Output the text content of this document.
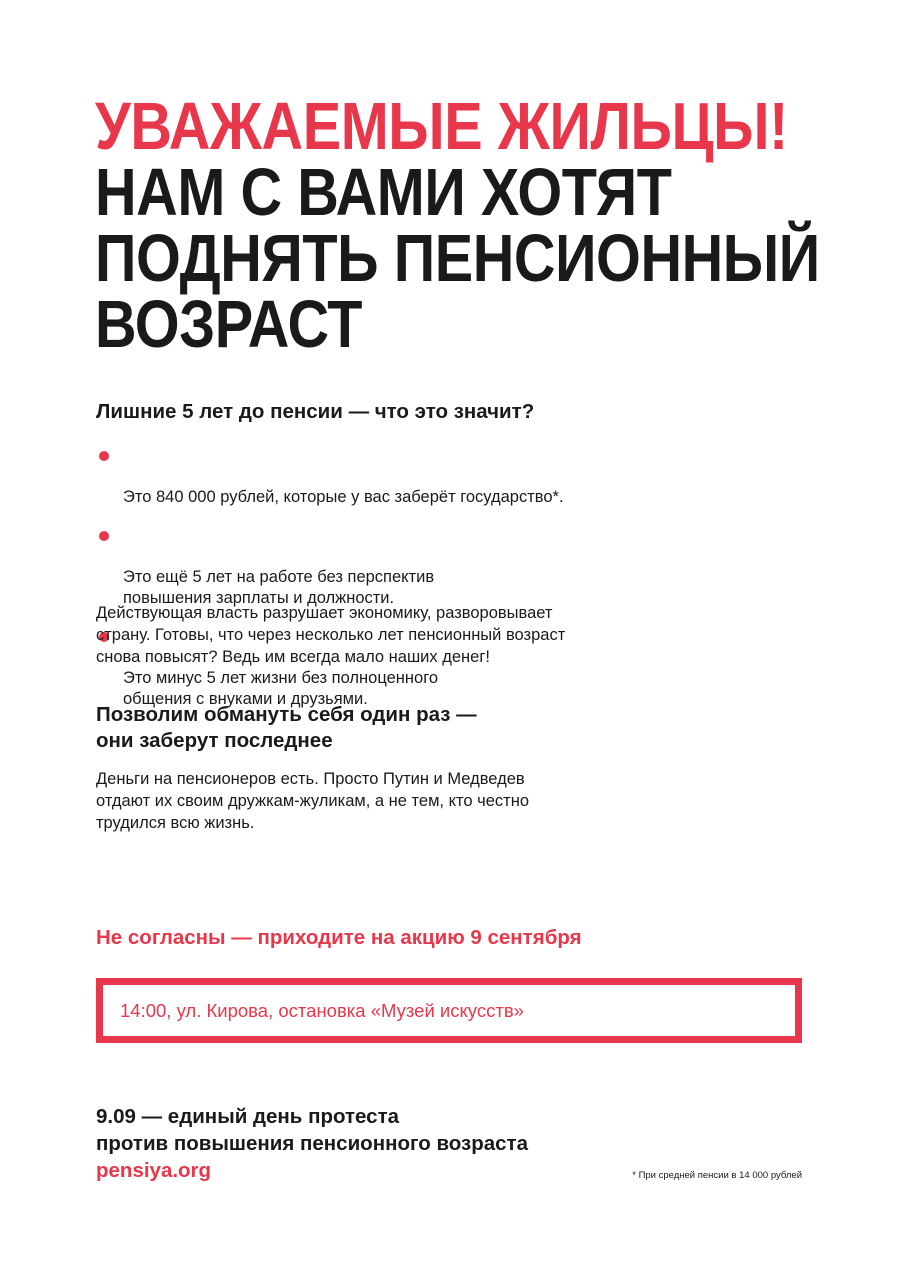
УВАЖАЕМЫЕ ЖИЛЬЦЫ!
НАМ С ВАМИ ХОТЯТ
ПОДНЯТЬ ПЕНСИОННЫЙ
ВОЗРАСТ
Лишние 5 лет до пенсии — что это значит?

Это 840 000 рублей, которые у вас заберёт государство*.

Это ещё 5 лет на работе без перспектив
повышения зарплаты и должности.

Это минус 5 лет жизни без полноценного
общения с внуками и друзьями.

Действующая власть разрушает экономику, разворовывает
страну. Готовы, что через несколько лет пенсионный возраст
снова повысят? Ведь им всегда мало наших денег!

Позволим обмануть себя один раз —
они заберут последнее

Деньги на пенсионеров есть. Просто Путин и Медведев
отдают их своим дружкам-жуликам, а не тем, кто честно
трудился всю жизнь.

Не согласны — приходите на акцию 9 сентября
14:00, ул. Кирова, остановка «Музей искусств»

9.09 — единый день протеста

против повышения пенсионного возраста

pensiya.org	* При средней пенсии в 14 000 рублей
